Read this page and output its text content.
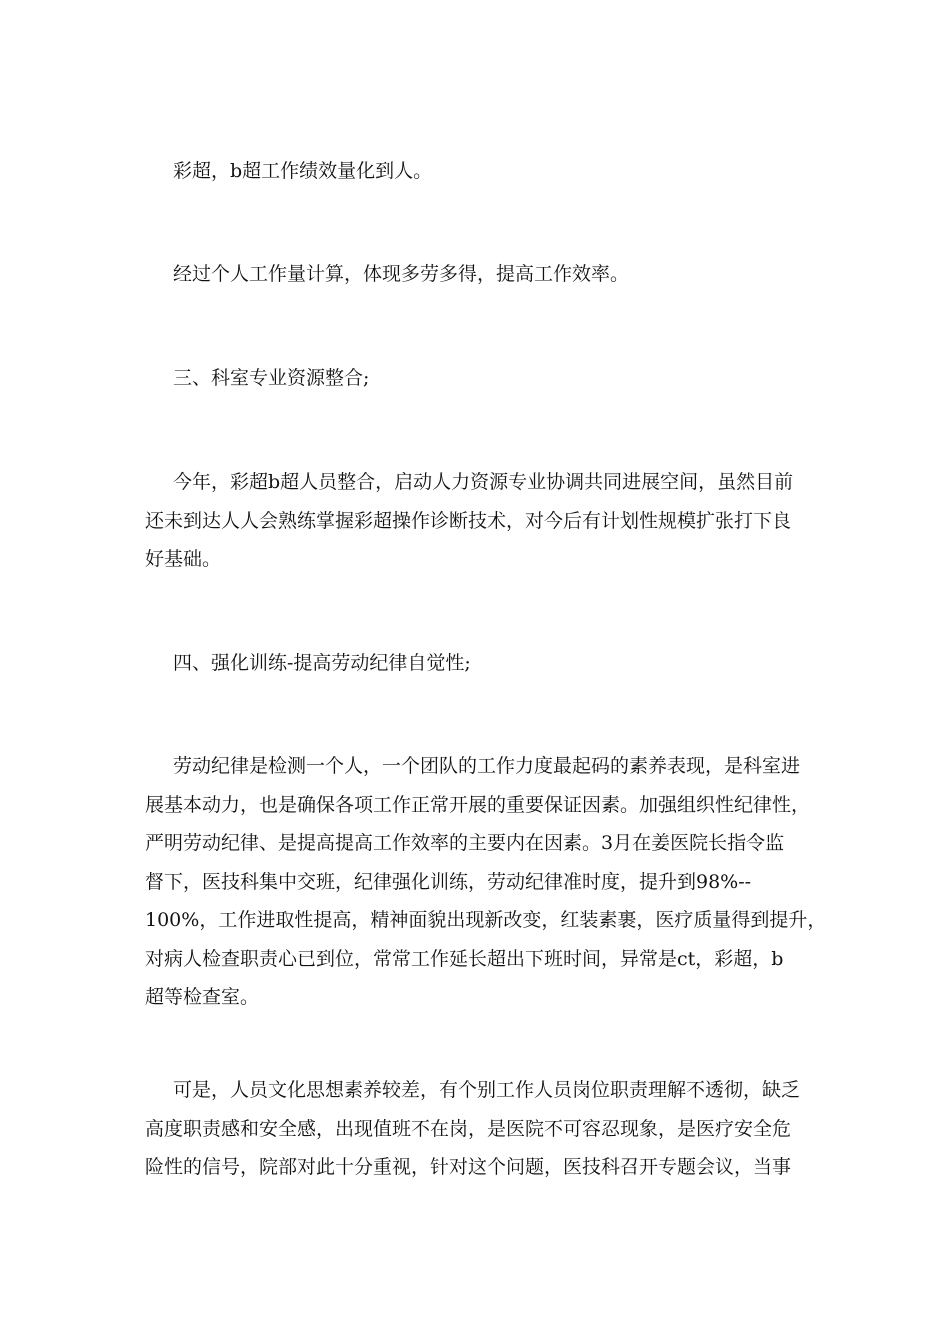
彩超，b超工作绩效量化到人。

经过个人工作量计算，体现多劳多得，提高工作效率。

三、科室专业资源整合;

今年，彩超b超人员整合，启动人力资源专业协调共同进展空间，虽然目前
还未到达人人会熟练掌握彩超操作诊断技术，对今后有计划性规模扩张打下良
好基础。

四、强化训练-提高劳动纪律自觉性;

劳动纪律是检测一个人，一个团队的工作力度最起码的素养表现，是科室进
展基本动力，也是确保各项工作正常开展的重要保证因素。加强组织性纪律性，
严明劳动纪律、是提高提高工作效率的主要内在因素。3月在姜医院长指令监
督下，医技科集中交班，纪律强化训练，劳动纪律准时度，提升到98%--
100%，工作进取性提高，精神面貌出现新改变，红装素裹，医疗质量得到提升，
对病人检查职责心已到位，常常工作延长超出下班时间，异常是ct，彩超，b
超等检查室。

可是，人员文化思想素养较差，有个别工作人员岗位职责理解不透彻，缺乏
高度职责感和安全感，出现值班不在岗，是医院不可容忍现象，是医疗安全危
险性的信号，院部对此十分重视，针对这个问题，医技科召开专题会议，当事
